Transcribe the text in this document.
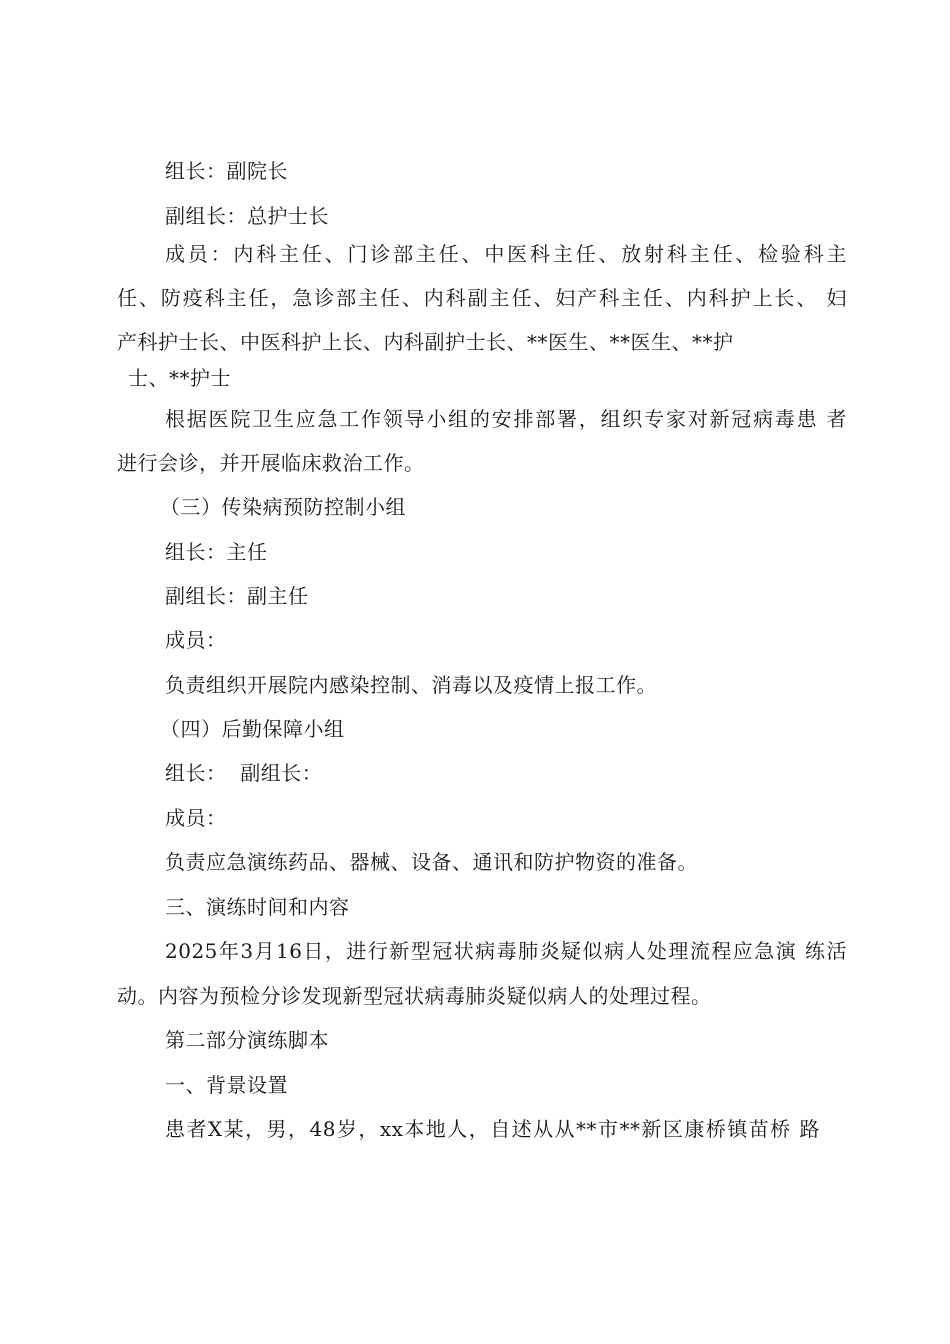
组长：副院长
副组长：总护士长
成员：内科主任、门诊部主任、中医科主任、放射科主任、检验科主
任、防疫科主任，急诊部主任、内科副主任、妇产科主任、内科护上长、 妇
产科护士长、中医科护上长、内科副护士长、**医生、**医生、**护
士、**护士
根据医院卫生应急工作领导小组的安排部署，组织专家对新冠病毒患 者
进行会诊，并开展临床救治工作。
（三）传染病预防控制小组
组长：主任
副组长：副主任
成员：
负责组织开展院内感染控制、消毒以及疫情上报工作。
（四）后勤保障小组
组长：  副组长：
成员：
负责应急演练药品、器械、设备、通讯和防护物资的准备。
三、演练时间和内容
2025年3月16日，进行新型冠状病毒肺炎疑似病人处理流程应急演 练活
动。内容为预检分诊发现新型冠状病毒肺炎疑似病人的处理过程。
第二部分演练脚本
一、背景设置
患者X某，男，48岁，xx本地人，自述从从**市**新区康桥镇苗桥 路
